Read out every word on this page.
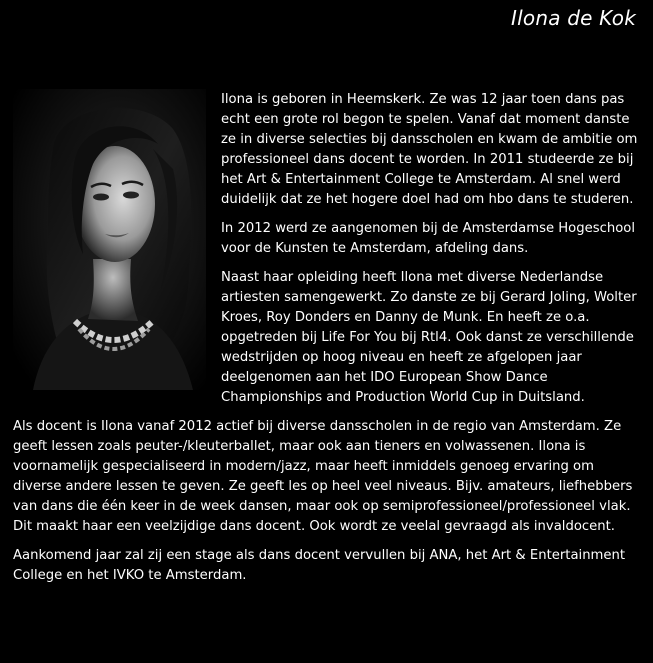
Ilona de Kok

Ilona is geboren in Heemskerk. Ze was 12 jaar toen dans pas echt een grote rol begon te spelen. Vanaf dat moment danste ze in diverse selecties bij dansscholen en kwam de ambitie om professioneel dans docent te worden. In 2011 studeerde ze bij het Art & Entertainment College te Amsterdam. Al snel werd duidelijk dat ze het hogere doel had om hbo dans te studeren.

In 2012 werd ze aangenomen bij de Amsterdamse Hogeschool voor de Kunsten te Amsterdam, afdeling dans.

Naast haar opleiding heeft Ilona met diverse Nederlandse artiesten samengewerkt. Zo danste ze bij Gerard Joling, Wolter Kroes, Roy Donders en Danny de Munk. En heeft ze o.a. opgetreden bij Life For You bij Rtl4. Ook danst ze verschillende wedstrijden op hoog niveau en heeft ze afgelopen jaar deelgenomen aan het IDO European Show Dance Championships and Production World Cup in Duitsland.

Als docent is Ilona vanaf 2012 actief bij diverse dansscholen in de regio van Amsterdam. Ze geeft lessen zoals peuter-/kleuterballet, maar ook aan tieners en volwassenen. Ilona is voornamelijk gespecialiseerd in modern/jazz, maar heeft inmiddels genoeg ervaring om diverse andere lessen te geven. Ze geeft les op heel veel niveaus. Bijv. amateurs, liefhebbers van dans die één keer in de week dansen, maar ook op semiprofessioneel/professioneel vlak. Dit maakt haar een veelzijdige dans docent. Ook wordt ze veelal gevraagd als invaldocent.

Aankomend jaar zal zij een stage als dans docent vervullen bij ANA, het Art & Entertainment College en het IVKO te Amsterdam.
